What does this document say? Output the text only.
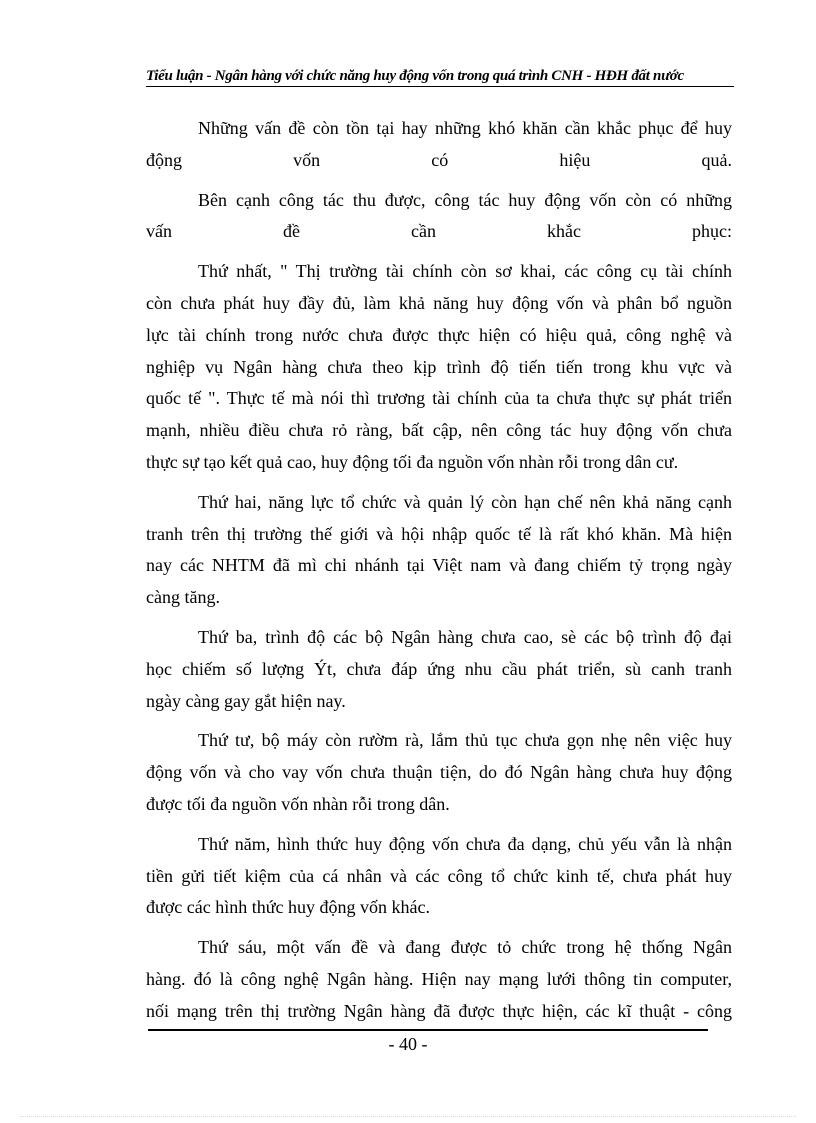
Tiểu luận - Ngân hàng với chức năng huy động vốn trong quá trình CNH - HĐH đất nước

Những vấn đề còn tồn tại hay những khó khăn cần khắc phục để huy
động vốn có hiệu quả.

Bên cạnh công tác thu được, công tác huy động vốn còn có những
vấn đề cần khắc phục:

Thứ nhất, " Thị trường tài chính còn sơ khai, các công cụ tài chính
còn chưa phát huy đầy đủ, làm khả năng huy động vốn và phân bổ nguồn
lực tài chính trong nước chưa được thực hiện có hiệu quả, công nghệ và
nghiệp vụ Ngân hàng chưa theo kịp trình độ tiến tiến trong khu vực và
quốc tế ". Thực tế mà nói thì trương tài chính của ta chưa thực sự phát triển
mạnh, nhiều điều chưa rỏ ràng, bất cập, nên công tác huy động vốn chưa
thực sự tạo kết quả cao, huy động tối đa nguồn vốn nhàn rỗi trong dân cư.

Thứ hai, năng lực tổ chức và quản lý còn hạn chế nên khả năng cạnh
tranh trên thị trường thế giới và hội nhập quốc tế là rất khó khăn. Mà hiện
nay các NHTM đã mì chi nhánh tại Việt nam và đang chiếm tỷ trọng ngày
càng tăng.

Thứ ba, trình độ các bộ Ngân hàng chưa cao, sè các bộ trình độ đại
học chiếm số lượng Ýt, chưa đáp ứng nhu cầu phát triển, sù canh tranh
ngày càng gay gắt hiện nay.

Thứ tư, bộ máy còn rườm rà, lắm thủ tục chưa gọn nhẹ nên việc huy
động vốn và cho vay vốn chưa thuận tiện, do đó Ngân hàng chưa huy động
được tối đa nguồn vốn nhàn rỗi trong dân.

Thứ năm, hình thức huy động vốn chưa đa dạng, chủ yếu vẫn là nhận
tiền gửi tiết kiệm của cá nhân và các công tổ chức kinh tế, chưa phát huy
được các hình thức huy động vốn khác.

Thứ sáu, một vấn đề và đang được tỏ chức trong hệ thống Ngân
hàng. đó là công nghệ Ngân hàng. Hiện nay mạng lưới thông tin computer,
nối mạng trên thị trường Ngân hàng đã được thực hiện, các kĩ thuật - công

- 40 -
